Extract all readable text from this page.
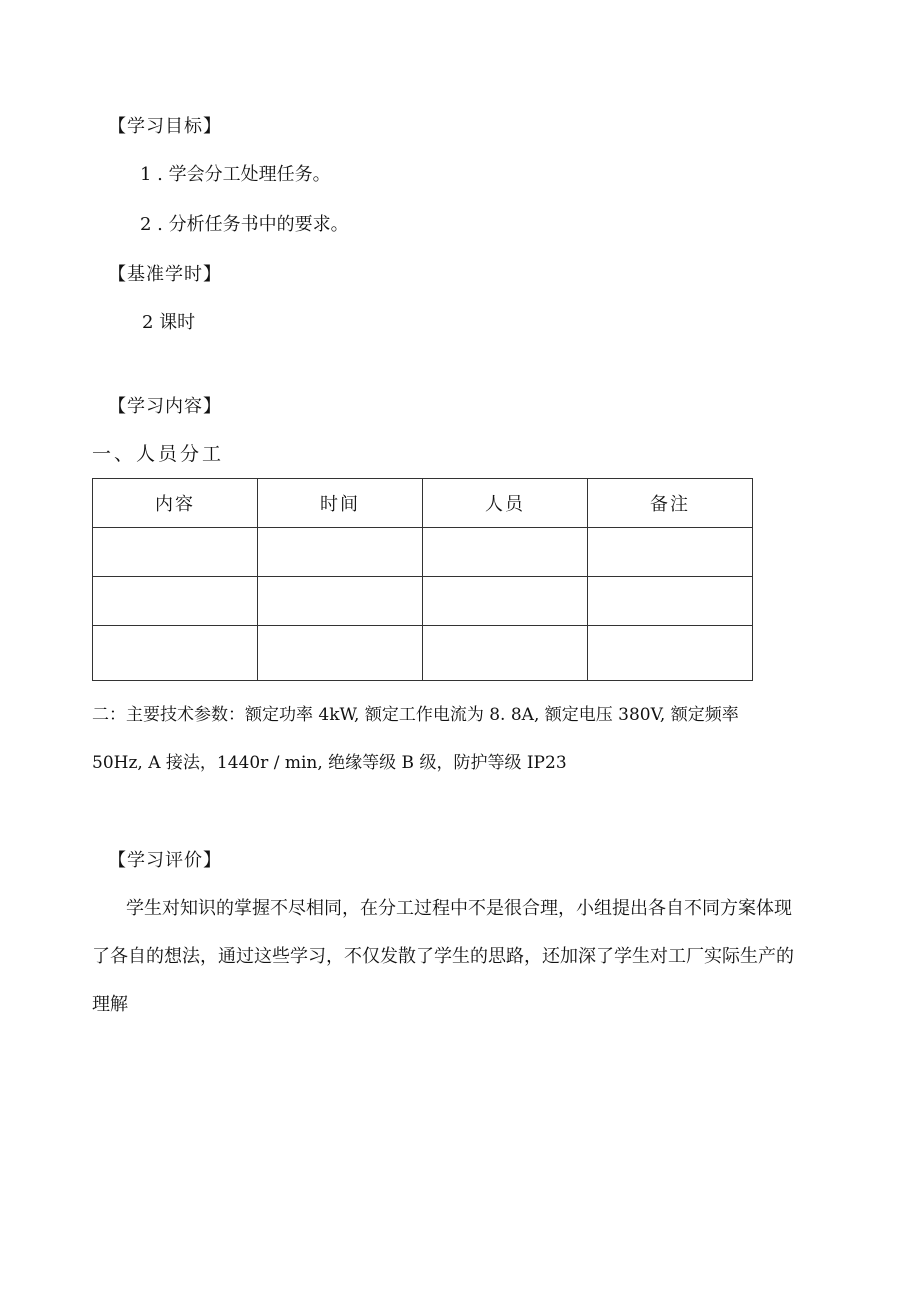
【学习目标】
1 . 学会分工处理任务。
2 . 分析任务书中的要求。
【基准学时】
2 课时
【学习内容】
一、人员分工
内容	时间	人员	备注

二：主要技术参数：额定功率 4kW, 额定工作电流为 8. 8A, 额定电压 380V, 额定频率
50Hz, A 接法，1440r / min, 绝缘等级 B 级，防护等级 IP23
【学习评价】
学生对知识的掌握不尽相同，在分工过程中不是很合理，小组提出各自不同方案体现
了各自的想法，通过这些学习，不仅发散了学生的思路，还加深了学生对工厂实际生产的
理解
